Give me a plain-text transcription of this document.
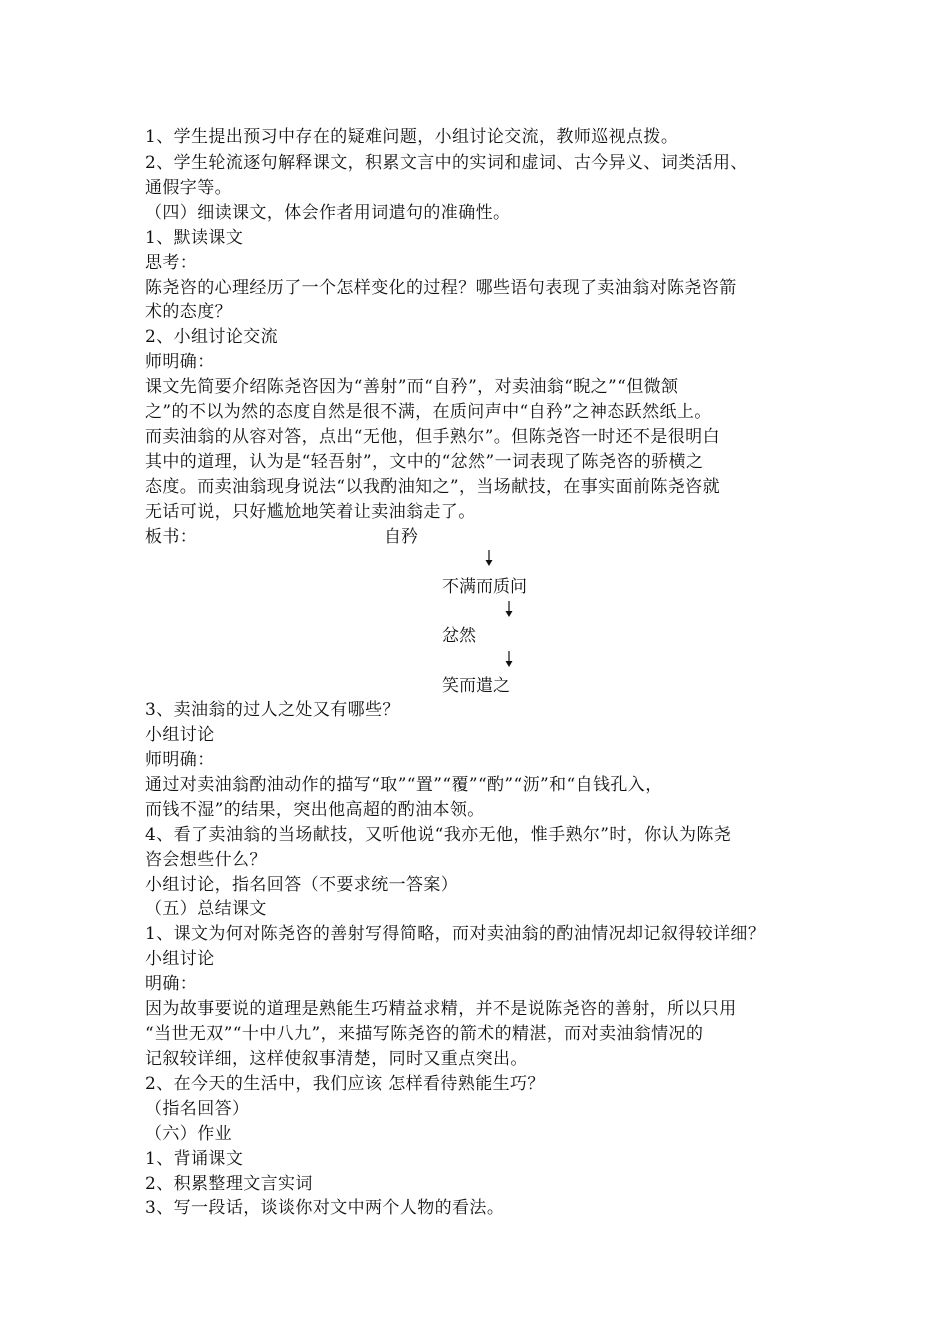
1、学生提出预习中存在的疑难问题，小组讨论交流，教师巡视点拨。
2、学生轮流逐句解释课文，积累文言中的实词和虚词、古今异义、词类活用、
通假字等。
（四）细读课文，体会作者用词遣句的准确性。
1、默读课文
思考：
陈尧咨的心理经历了一个怎样变化的过程？哪些语句表现了卖油翁对陈尧咨箭
术的态度？
2、小组讨论交流
师明确：
课文先简要介绍陈尧咨因为“善射”而“自矜”，对卖油翁“睨之”“但微颔
之”的不以为然的态度自然是很不满，在质问声中“自矜”之神态跃然纸上。
而卖油翁的从容对答，点出“无他，但手熟尔”。但陈尧咨一时还不是很明白
其中的道理，认为是“轻吾射”，文中的“忿然”一词表现了陈尧咨的骄横之
态度。而卖油翁现身说法“以我酌油知之”，当场献技，在事实面前陈尧咨就
无话可说，只好尴尬地笑着让卖油翁走了。
板书：	自矜
不满而质问
忿然
笑而遣之
3、卖油翁的过人之处又有哪些？
小组讨论
师明确：
通过对卖油翁酌油动作的描写“取”“置”“覆”“酌”“沥”和“自钱孔入，
而钱不湿”的结果，突出他高超的酌油本领。
4、看了卖油翁的当场献技，又听他说“我亦无他，惟手熟尔”时，你认为陈尧
咨会想些什么？
小组讨论，指名回答（不要求统一答案）
（五）总结课文
1、课文为何对陈尧咨的善射写得简略，而对卖油翁的酌油情况却记叙得较详细？
小组讨论
明确：
因为故事要说的道理是熟能生巧精益求精，并不是说陈尧咨的善射，所以只用
“当世无双”“十中八九”，来描写陈尧咨的箭术的精湛，而对卖油翁情况的
记叙较详细，这样使叙事清楚，同时又重点突出。
2、在今天的生活中，我们应该 怎样看待熟能生巧？
（指名回答）
（六）作业
1、背诵课文
2、积累整理文言实词
3、写一段话，谈谈你对文中两个人物的看法。
